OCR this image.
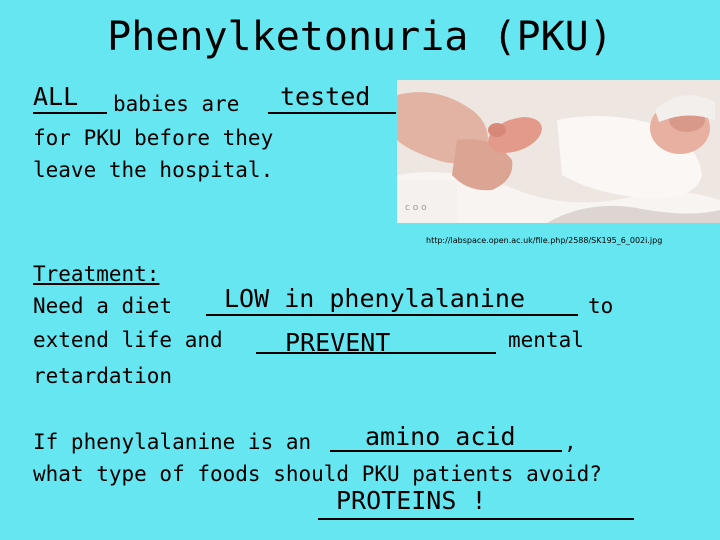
Phenylketonuria (PKU)
ALL babies are tested
for PKU before they
leave the hospital.
c o o
http://labspace.open.ac.uk/file.php/2588/SK195_6_002i.jpg
Treatment:
Need a diet LOW in phenylalanine	to
extend life and PREVENT	mental
retardation
If phenylalanine is an amino acid ,
what type of foods should PKU patients avoid?
PROTEINS !
